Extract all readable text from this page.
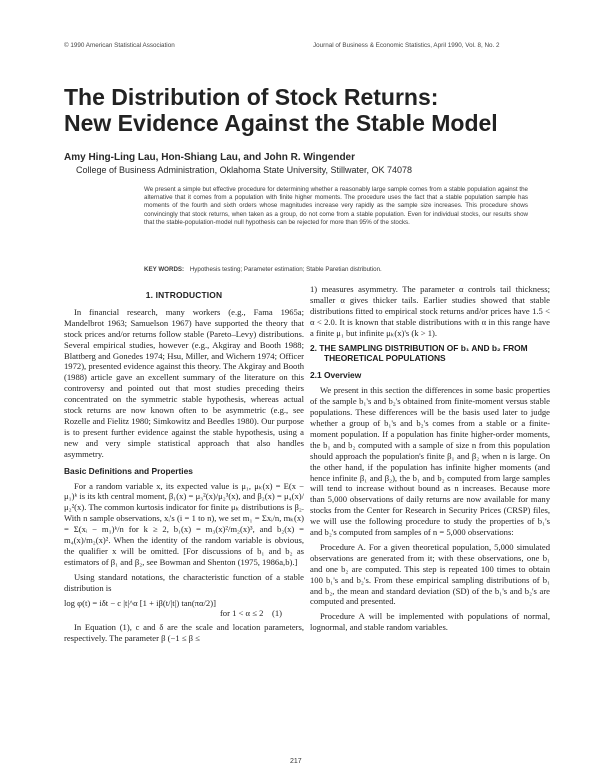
© 1990 American Statistical Association	Journal of Business & Economic Statistics, April 1990, Vol. 8, No. 2
The Distribution of Stock Returns:
New Evidence Against the Stable Model
Amy Hing-Ling Lau, Hon-Shiang Lau, and John R. Wingender
College of Business Administration, Oklahoma State University, Stillwater, OK 74078

We present a simple but effective procedure for determining whether a reasonably large sample comes from a stable population against the alternative that it comes from a population with finite higher moments. The procedure uses the fact that a stable population sample has moments of the fourth and sixth orders whose magnitudes increase very rapidly as the sample size increases. This procedure shows convincingly that stock returns, when taken as a group, do not come from a stable population. Even for individual stocks, our results show that the stable-population-model null hypothesis can be rejected for more than 95% of the stocks.

KEY WORDS: Hypothesis testing; Parameter estimation; Stable Paretian distribution.
1. INTRODUCTION

In financial research, many workers (e.g., Fama 1965a; Mandelbrot 1963; Samuelson 1967) have supported the theory that stock prices and/or returns follow stable (Pareto–Levy) distributions. Several empirical studies, however (e.g., Akgiray and Booth 1988; Blattberg and Gonedes 1974; Hsu, Miller, and Wichern 1974; Officer 1972), presented evidence against this theory. The Akgiray and Booth (1988) article gave an excellent summary of the literature on this controversy and pointed out that most studies preceding theirs concentrated on the symmetric stable hypothesis, whereas actual stock returns are now known often to be asymmetric (e.g., see Rozelle and Fielitz 1980; Simkowitz and Beedles 1980). Our purpose is to present further evidence against the stable hypothesis, using a new and very simple statistical approach that also handles asymmetry.

Basic Definitions and Properties

For a random variable x, its expected value is μ₁, μₖ(x) = E(x − μ₁)ᵏ is its kth central moment, β₁(x) = μ₃²(x)/μ₂³(x), and β₂(x) = μ₄(x)/μ₂²(x). The common kurtosis indicator for finite μₖ distributions is β₂. With n sample observations, xᵢ's (i = 1 to n), we set m₁ = Σxᵢ/n, mₖ(x) = Σ(xᵢ − m₁)ᵏ/n for k ≥ 2, b₁(x) = m₃(x)²/m₂(x)³, and b₂(x) = m₄(x)/m₂(x)². When the identity of the random variable is obvious, the qualifier x will be omitted. [For discussions of b₁ and b₂ as estimators of β₁ and β₂, see Bowman and Shenton (1975, 1986a,b).]

Using standard notations, the characteristic function of a stable distribution is

log φ(t) = iδt − c |t|^α [1 + iβ(t/|t|) tan(πα/2)]
for 1 < α ≤ 2 (1)

In Equation (1), c and δ are the scale and location parameters, respectively. The parameter β (−1 ≤ β ≤

1) measures asymmetry. The parameter α controls tail thickness; smaller α gives thicker tails. Earlier studies showed that stable distributions fitted to empirical stock returns and/or prices have 1.5 < α < 2.0. It is known that stable distributions with α in this range have a finite μ₁ but infinite μₖ(x)'s (k > 1).

2. THE SAMPLING DISTRIBUTION OF b₁ AND b₂ FROM THEORETICAL POPULATIONS
2.1 Overview

We present in this section the differences in some basic properties of the sample b₁'s and b₂'s obtained from finite-moment versus stable populations. These differences will be the basis used later to judge whether a group of b₁'s and b₂'s comes from a stable or a finite-moment population. If a population has finite higher-order moments, the b₁ and b₂ computed with a sample of size n from this population should approach the population's finite β₁ and β₂ when n is large. On the other hand, if the population has infinite higher moments (and hence infinite β₁ and β₂), the b₁ and b₂ computed from large samples will tend to increase without bound as n increases. Because more than 5,000 observations of daily returns are now available for many stocks from the Center for Research in Security Prices (CRSP) files, we will use the following procedure to study the properties of b₁'s and b₂'s computed from samples of n = 5,000 observations:

Procedure A. For a given theoretical population, 5,000 simulated observations are generated from it; with these observations, one b₁ and one b₂ are computed. This step is repeated 100 times to obtain 100 b₁'s and b₂'s. From these empirical sampling distributions of b₁ and b₂, the mean and standard deviation (SD) of the b₁'s and b₂'s are computed and presented.

Procedure A will be implemented with populations of normal, lognormal, and stable random variables.

217
